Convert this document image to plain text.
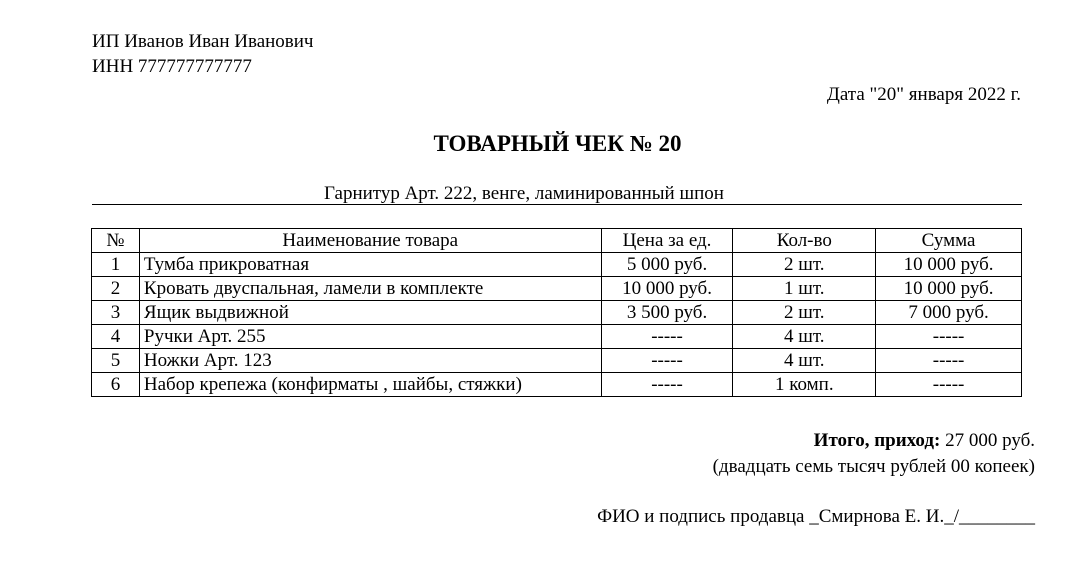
ИП Иванов Иван Иванович
ИНН 777777777777
Дата "20" января 2022 г.
ТОВАРНЫЙ ЧЕК № 20
Гарнитур Арт. 222, венге, ламинированный шпон
№	Наименование товара	Цена за ед.	Кол-во	Сумма
1	Тумба прикроватная	5 000 руб.	2 шт.	10 000 руб.
2	Кровать двуспальная, ламели в комплекте	10 000 руб.	1 шт.	10 000 руб.
3	Ящик выдвижной	3 500 руб.	2 шт.	7 000 руб.
4	Ручки Арт. 255	-----	4 шт.	-----
5	Ножки Арт. 123	-----	4 шт.	-----
6	Набор крепежа (конфирматы , шайбы, стяжки)	-----	1 комп.	-----
Итого, приход: 27 000 руб.
(двадцать семь тысяч рублей 00 копеек)
ФИО и подпись продавца _Смирнова Е. И._/________
